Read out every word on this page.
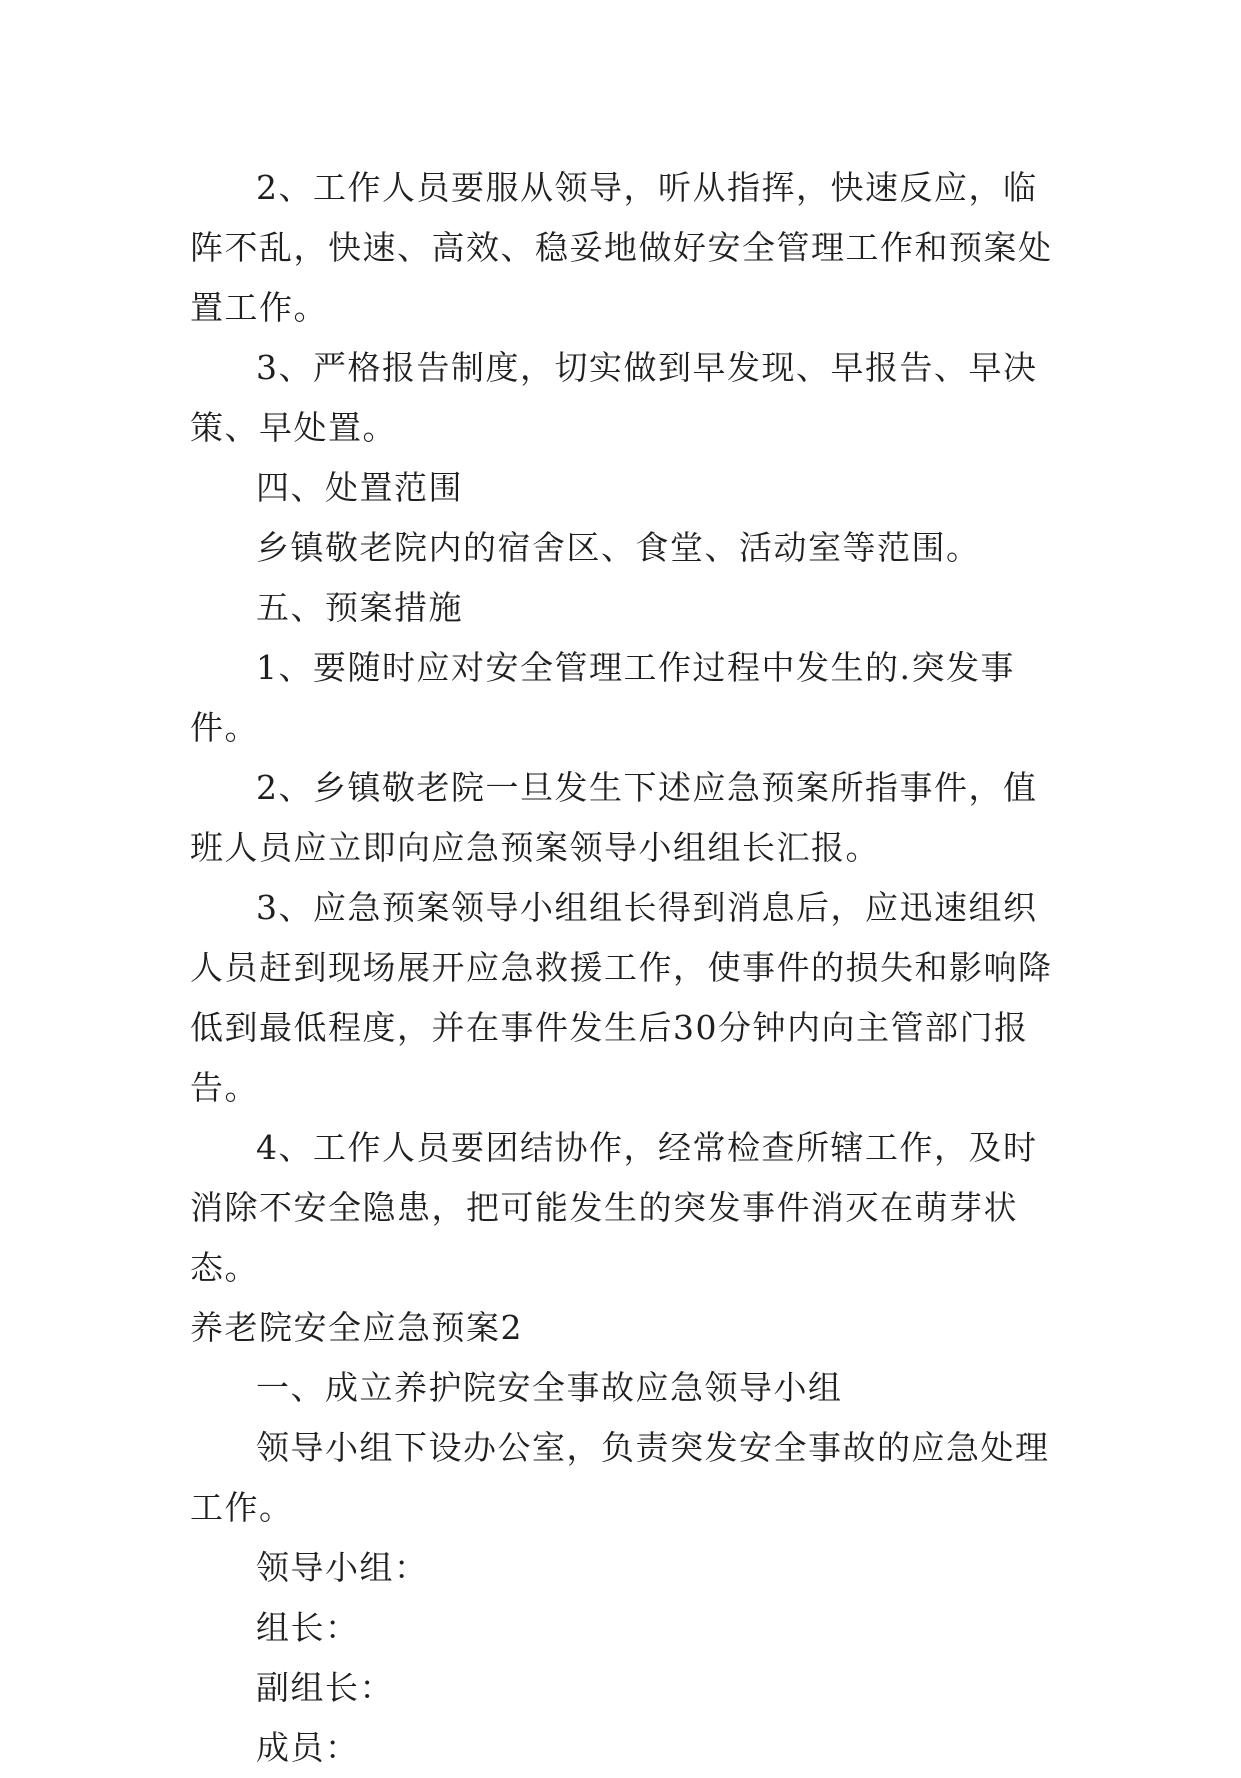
2、工作人员要服从领导，听从指挥，快速反应，临阵不乱，快速、高效、稳妥地做好安全管理工作和预案处置工作。

3、严格报告制度，切实做到早发现、早报告、早决策、早处置。

四、处置范围

乡镇敬老院内的宿舍区、食堂、活动室等范围。

五、预案措施

1、要随时应对安全管理工作过程中发生的.突发事件。

2、乡镇敬老院一旦发生下述应急预案所指事件，值班人员应立即向应急预案领导小组组长汇报。

3、应急预案领导小组组长得到消息后，应迅速组织人员赶到现场展开应急救援工作，使事件的损失和影响降低到最低程度，并在事件发生后30分钟内向主管部门报告。

4、工作人员要团结协作，经常检查所辖工作，及时消除不安全隐患，把可能发生的突发事件消灭在萌芽状态。

养老院安全应急预案2

一、成立养护院安全事故应急领导小组

领导小组下设办公室，负责突发安全事故的应急处理工作。

领导小组：

组长：

副组长：

成员：
